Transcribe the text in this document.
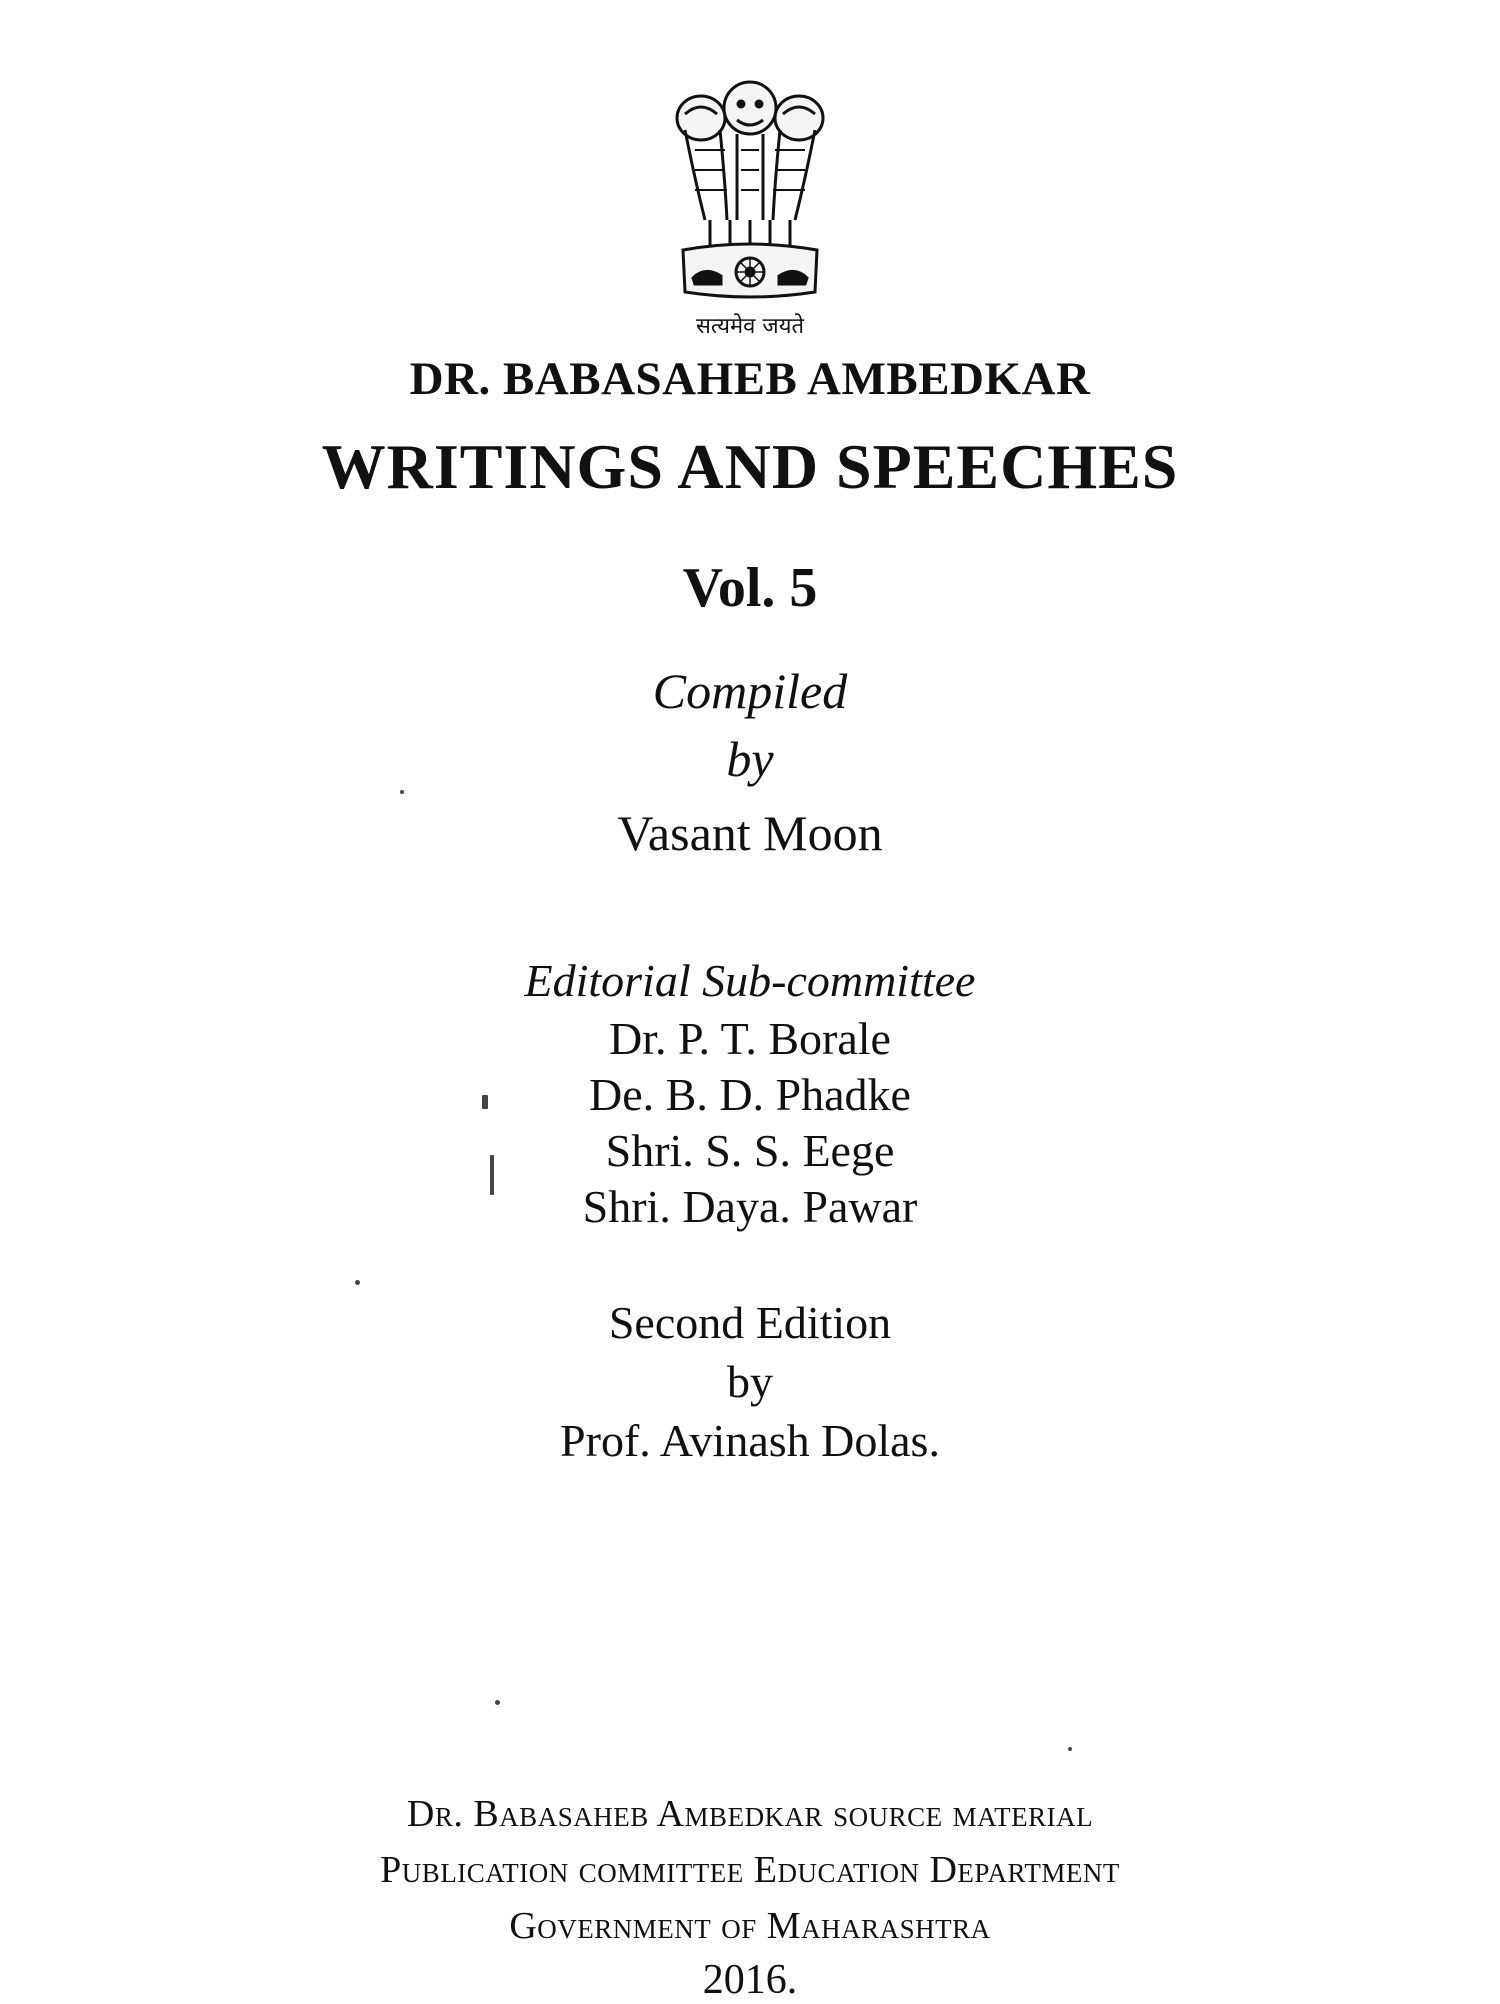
सत्यमेव जयते
DR. BABASAHEB AMBEDKAR
WRITINGS AND SPEECHES
Vol. 5
Compiled
by
Vasant Moon
Editorial Sub-committee
Dr. P. T. Borale
De. B. D. Phadke
Shri. S. S. Eege
Shri. Daya. Pawar
Second Edition
by
Prof. Avinash Dolas.
Dr. Babasaheb Ambedkar source material
Publication committee Education Department
Government of Maharashtra
2016.
